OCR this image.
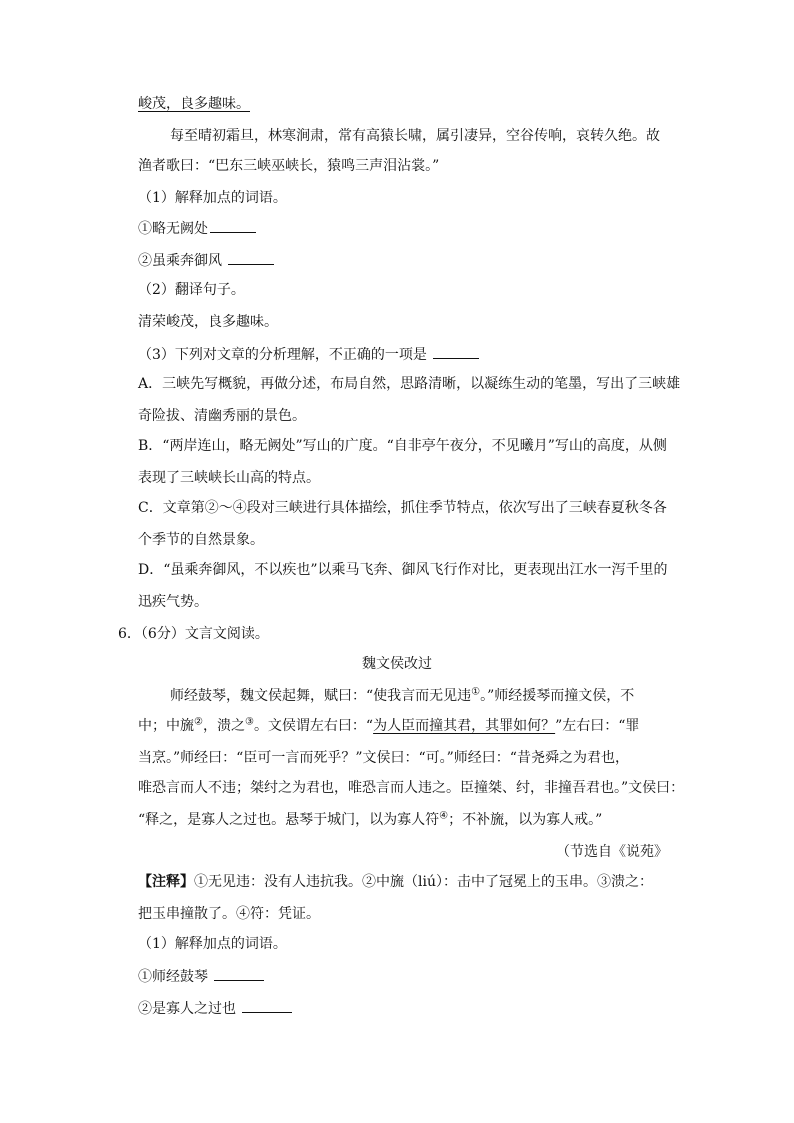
峻茂，良多趣味。
每至晴初霜旦，林寒涧肃，常有高猿长啸，属引凄异，空谷传响，哀转久绝。故
渔者歌曰：“巴东三峡巫峡长，猿鸣三声泪沾裳。”
（1）解释加点的词语。
①略无阙处
②虽乘奔御风
（2）翻译句子。
清荣峻茂，良多趣味。
（3）下列对文章的分析理解，不正确的一项是
A．三峡先写概貌，再做分述，布局自然，思路清晰，以凝练生动的笔墨，写出了三峡雄
奇险拔、清幽秀丽的景色。
B．“两岸连山，略无阙处”写山的广度。“自非亭午夜分，不见曦月”写山的高度，从侧
表现了三峡峡长山高的特点。
C．文章第②～④段对三峡进行具体描绘，抓住季节特点，依次写出了三峡春夏秋冬各
个季节的自然景象。
D．“虽乘奔御风，不以疾也”以乘马飞奔、御风飞行作对比，更表现出江水一泻千里的
迅疾气势。
6．（6分）文言文阅读。
魏文侯改过
师经鼓琴，魏文侯起舞，赋曰：“使我言而无见违①。”师经援琴而撞文侯，不
中；中旒②，溃之③。文侯谓左右曰：“为人臣而撞其君，其罪如何？”左右曰：“罪
当烹。”师经曰：“臣可一言而死乎？”文侯曰：“可。”师经曰：“昔尧舜之为君也，
唯恐言而人不违；桀纣之为君也，唯恐言而人违之。臣撞桀、纣，非撞吾君也。”文侯曰：
“释之，是寡人之过也。悬琴于城门，以为寡人符④；不补旒，以为寡人戒。”
（节选自《说苑》
【注释】①无见违：没有人违抗我。②中旒（liú）：击中了冠冕上的玉串。③溃之：
把玉串撞散了。④符：凭证。
（1）解释加点的词语。
①师经鼓琴
②是寡人之过也
